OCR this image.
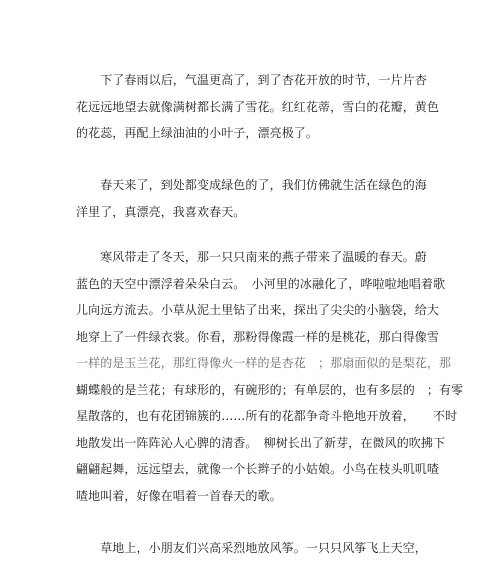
　　下了春雨以后，气温更高了，到了杏花开放的时节，一片片杏
花远远地望去就像满树都长满了雪花。红红花蒂，雪白的花瓣，黄色
的花蕊，再配上绿油油的小叶子，漂亮极了。
　　春天来了，到处都变成绿色的了，我们仿佛就生活在绿色的海
洋里了，真漂亮，我喜欢春天。
　　寒风带走了冬天，那一只只南来的燕子带来了温暖的春天。蔚
蓝色的天空中漂浮着朵朵白云。　小河里的冰融化了，哗啦啦地唱着歌
儿向远方流去。小草从泥土里钻了出来，探出了尖尖的小脑袋，给大
地穿上了一件绿衣裳。你看，那粉得像霞一样的是桃花，那白得像雪
一样的是玉兰花，那红得像火一样的是杏花　；那扇面似的是梨花，那
蝴蝶般的是兰花；有球形的，有碗形的；有单层的，也有多层的　；有零
星散落的，也有花团锦簇的……所有的花都争奇斗艳地开放着，　　不时
地散发出一阵阵沁人心脾的清香。　柳树长出了新芽，在微风的吹拂下
翩翩起舞，远远望去，就像一个长辫子的小姑娘。小鸟在枝头叽叽喳
喳地叫着，好像在唱着一首春天的歌。
　　草地上，小朋友们兴高采烈地放风筝。一只只风筝飞上天空，
